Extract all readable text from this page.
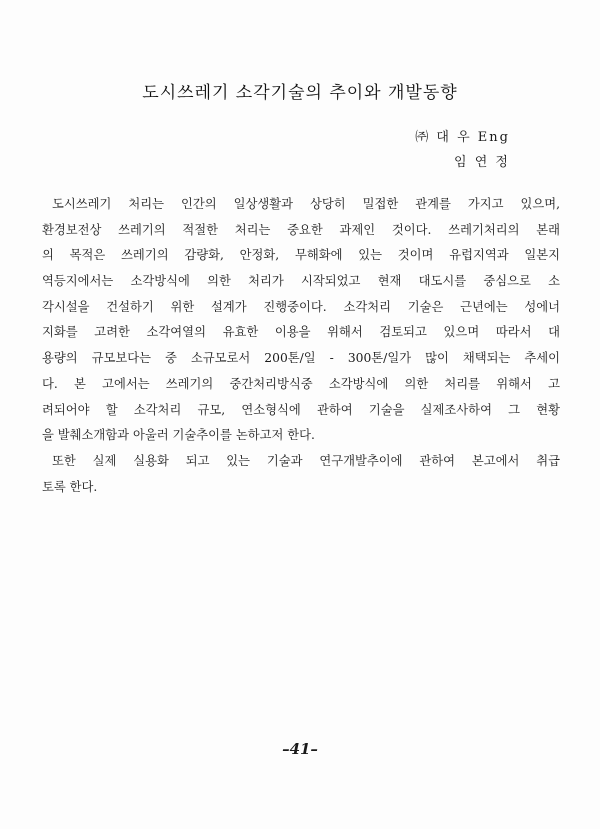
도시쓰레기 소각기술의 추이와 개발동향
㈜ 대 우 Eng
임 연 정
도시쓰레기 처리는 인간의 일상생활과 상당히 밀접한 관계를 가지고 있으며,
환경보전상 쓰레기의 적절한 처리는 중요한 과제인 것이다. 쓰레기처리의 본래
의 목적은 쓰레기의 감량화, 안정화, 무해화에 있는 것이며 유럽지역과 일본지
역등지에서는 소각방식에 의한 처리가 시작되었고 현재 대도시를 중심으로 소
각시설을 건설하기 위한 설계가 진행중이다. 소각처리 기술은 근년에는 성에너
지화를 고려한 소각여열의 유효한 이용을 위해서 검토되고 있으며 따라서 대
용량의 규모보다는 중 소규모로서 200톤/일 - 300톤/일가 많이 채택되는 추세이
다. 본 고에서는 쓰레기의 중간처리방식중 소각방식에 의한 처리를 위해서 고
려되어야 할 소각처리 규모, 연소형식에 관하여 기술을 실제조사하여 그 현황
을 발췌소개함과 아울러 기술추이를 논하고저 한다.
또한 실제 실용화 되고 있는 기술과 연구개발추이에 관하여 본고에서 취급
토록 한다.
–41–
